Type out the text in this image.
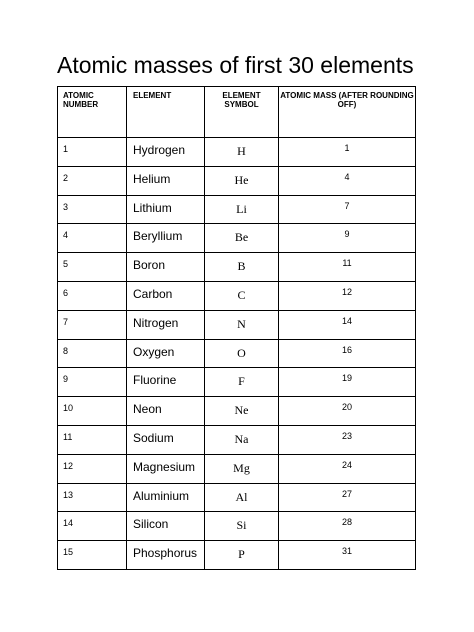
Atomic masses of first 30 elements
ATOMIC NUMBER	ELEMENT	ELEMENT SYMBOL	ATOMIC MASS (AFTER ROUNDING OFF)
1	Hydrogen	H	1
2	Helium	He	4
3	Lithium	Li	7
4	Beryllium	Be	9
5	Boron	B	11
6	Carbon	C	12
7	Nitrogen	N	14
8	Oxygen	O	16
9	Fluorine	F	19
10	Neon	Ne	20
11	Sodium	Na	23
12	Magnesium	Mg	24
13	Aluminium	Al	27
14	Silicon	Si	28
15	Phosphorus	P	31
